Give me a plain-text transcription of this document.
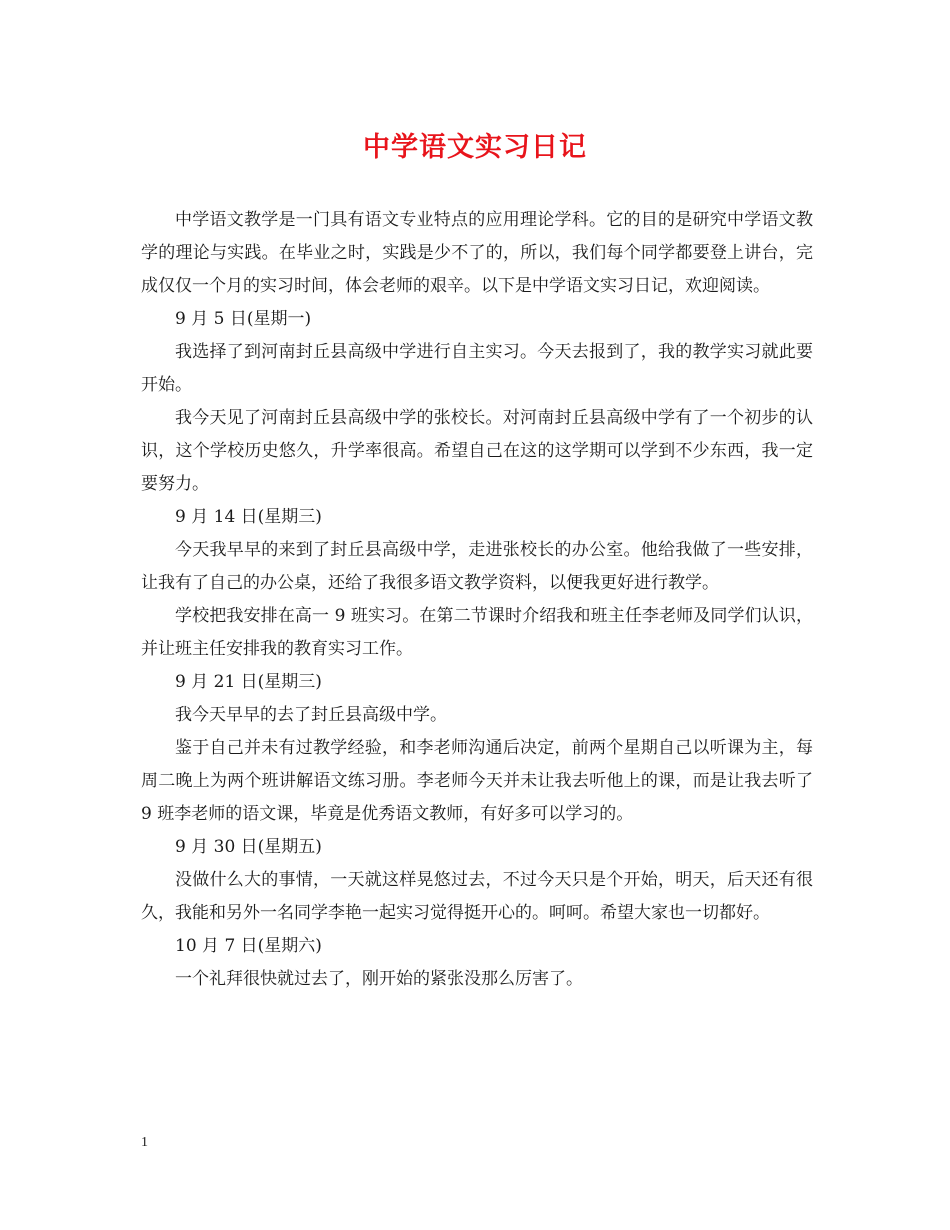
中学语文实习日记

中学语文教学是一门具有语文专业特点的应用理论学科。它的目的是研究中学语文教学的理论与实践。在毕业之时，实践是少不了的，所以，我们每个同学都要登上讲台，完成仅仅一个月的实习时间，体会老师的艰辛。以下是中学语文实习日记，欢迎阅读。

9 月 5 日(星期一)

我选择了到河南封丘县高级中学进行自主实习。今天去报到了，我的教学实习就此要开始。

我今天见了河南封丘县高级中学的张校长。对河南封丘县高级中学有了一个初步的认识，这个学校历史悠久，升学率很高。希望自己在这的这学期可以学到不少东西，我一定要努力。

9 月 14 日(星期三)

今天我早早的来到了封丘县高级中学，走进张校长的办公室。他给我做了一些安排，让我有了自己的办公桌，还给了我很多语文教学资料，以便我更好进行教学。

学校把我安排在高一 9 班实习。在第二节课时介绍我和班主任李老师及同学们认识，并让班主任安排我的教育实习工作。

9 月 21 日(星期三)

我今天早早的去了封丘县高级中学。

鉴于自己并未有过教学经验，和李老师沟通后决定，前两个星期自己以听课为主，每周二晚上为两个班讲解语文练习册。李老师今天并未让我去听他上的课，而是让我去听了 9 班李老师的语文课，毕竟是优秀语文教师，有好多可以学习的。

9 月 30 日(星期五)

没做什么大的事情，一天就这样晃悠过去，不过今天只是个开始，明天，后天还有很久，我能和另外一名同学李艳一起实习觉得挺开心的。呵呵。希望大家也一切都好。

10 月 7 日(星期六)

一个礼拜很快就过去了，刚开始的紧张没那么厉害了。

1
